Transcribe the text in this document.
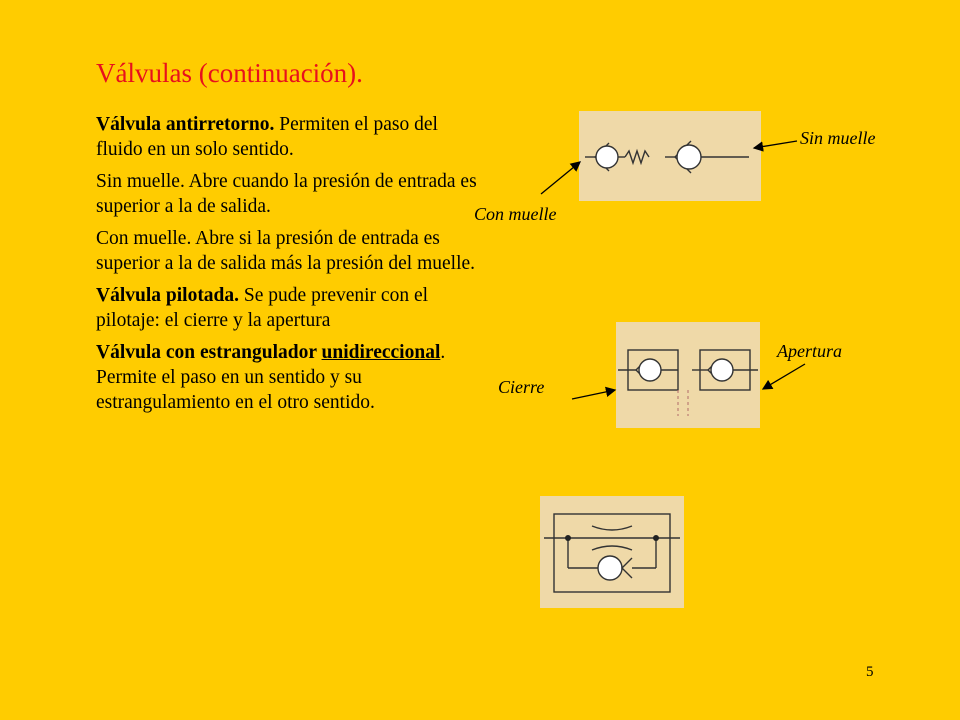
Válvulas (continuación).

Válvula antirretorno. Permiten el paso del fluido en un solo sentido.

Sin muelle. Abre cuando la presión de entrada es superior a la de salida.

Con muelle. Abre si la presión de entrada es superior a la de salida más la presión del muelle.

Válvula pilotada. Se pude prevenir con el pilotaje: el cierre y la apertura

Válvula con estrangulador unidireccional. Permite el paso en un sentido y su estrangulamiento en el otro sentido.

Sin muelle
Con muelle
Apertura
Cierre
5
